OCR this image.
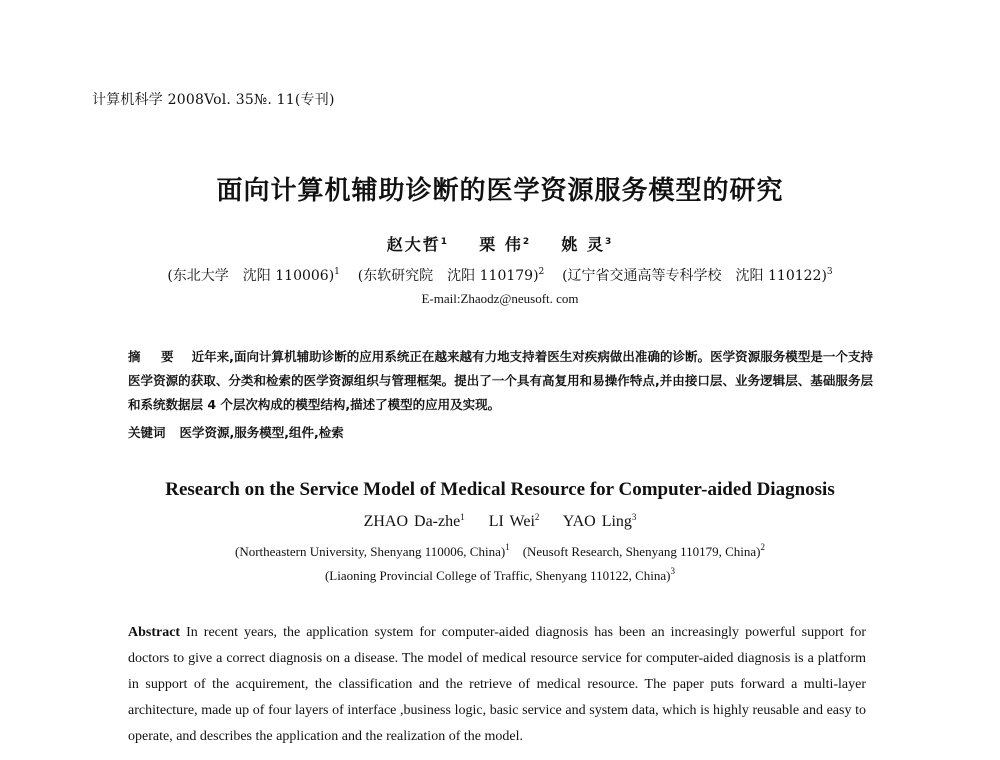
计算机科学 2008Vol. 35№. 11(专刊)
面向计算机辅助诊断的医学资源服务模型的研究
赵大哲$^1$ 栗 伟$^2$ 姚 灵$^3$
(东北大学　沈阳 110006)$^1$ (东软研究院　沈阳 110179)$^2$ (辽宁省交通高等专科学校　沈阳 110122)$^3$
E-mail:Zhaodz@neusoft. com
摘　要 近年来,面向计算机辅助诊断的应用系统正在越来越有力地支持着医生对疾病做出准确的诊断。医学资源服务模型是一个支持医学资源的获取、分类和检索的医学资源组织与管理框架。提出了一个具有高复用和易操作特点,并由接口层、业务逻辑层、基础服务层和系统数据层 4 个层次构成的模型结构,描述了模型的应用及实现。
关键词 医学资源,服务模型,组件,检索
Research on the Service Model of Medical Resource for Computer-aided Diagnosis
ZHAO Da-zhe$^1$ LI Wei$^2$ YAO Ling$^3$
(Northeastern University, Shenyang 110006, China)$^1$ (Neusoft Research, Shenyang 110179, China)$^2$
(Liaoning Provincial College of Traffic, Shenyang 110122, China)$^3$
Abstract In recent years, the application system for computer-aided diagnosis has been an increasingly powerful support for doctors to give a correct diagnosis on a disease. The model of medical resource service for computer-aided diagnosis is a platform in support of the acquirement, the classification and the retrieve of medical resource. The paper puts forward a multi-layer architecture, made up of four layers of interface ,business logic, basic service and system data, which is highly reusable and easy to operate, and describes the application and the realization of the model.
